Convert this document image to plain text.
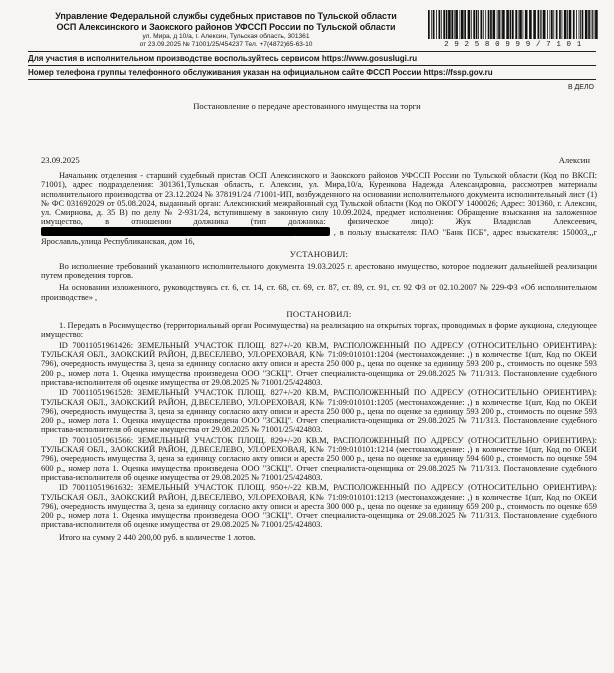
Управление Федеральной службы судебных приставов по Тульской области
ОСП Алексинского и Заокского районов УФССП России по Тульской области
ул. Мира, д 10/а, г. Алексин, Тульская область, 301361
от 23.09.2025 № 71001/25/454237 Тел. +7(4872)65-63-10	2 9 2 5 8 0 9 9 9 / 7 1 0 1
Для участия в исполнительном производстве воспользуйтесь сервисом https://www.gosuslugi.ru
Номер телефона группы телефонного обслуживания указан на официальном сайте ФССП России https://fssp.gov.ru
В ДЕЛО
Постановление о передаче арестованного имущества на торги
23.09.2025	Алексин

Начальник отделения - старший судебный пристав ОСП Алексинского и Заокского районов УФССП России по Тульской области (Код по ВКСП: 71001), адрес подразделения: 301361,Тульская область, г. Алексин, ул. Мира,10/а, Куренкова Надежда Александровна, рассмотрев материалы исполнительного производства от 23.12.2024 № 378191/24 /71001-ИП, возбужденного на основании исполнительного документа исполнительный лист (1) № ФС 031692029 от 05.08.2024, выданный орган: Алексинский межрайонный суд Тульской области (Код по ОКОГУ 1400026; Адрес: 301360, г. Алексин, ул. Смирнова, д. 35 В) по делу № 2-931/24, вступившему в законную силу 10.09.2024, предмет исполнения: Обращение взыскания на заложенное имущество, в отношении должника (тип должника: физическое лицо): Жук Владислав Алексеевич,   , в пользу взыскателя: ПАО "Банк ПСБ", адрес взыскателя: 150003,,,г Ярославль,улица Республиканская, дом 16,

УСТАНОВИЛ:

Во исполнение требований указанного исполнительного документа 19.03.2025 г. арестовано имущество, которое подлежит дальнейшей реализации путем проведения торгов.

На основании изложенного, руководствуясь ст. 6, ст. 14, ст. 68, ст. 69, ст. 87, ст. 89, ст. 91, ст. 92 ФЗ от 02.10.2007 № 229-ФЗ «Об исполнительном производстве» ,

ПОСТАНОВИЛ:

1. Передать в Росимущество (территориальный орган Росимущества) на реализацию на открытых торгах, проводимых в форме аукциона, следующее имущество:

ID 70011051961426: ЗЕМЕЛЬНЫЙ УЧАСТОК ПЛОЩ. 827+/-20 КВ.М, РАСПОЛОЖЕННЫЙ ПО АДРЕСУ (ОТНОСИТЕЛЬНО ОРИЕНТИРА): ТУЛЬСКАЯ ОБЛ., ЗАОКСКИЙ РАЙОН, Д.ВЕСЕЛЕВО, УЛ.ОРЕХОВАЯ, К№ 71:09:010101:1204 (местонахождение: ,) в количестве 1(шт, Код по ОКЕИ 796), очередность имущества 3, цена за единицу согласно акту описи и ареста 250 000 р., цена по оценке за единицу 593 200 р., стоимость по оценке 593 200 р., номер лота 1. Оценка имущества произведена ООО "ЗСКЦ". Отчет специалиста-оценщика от 29.08.2025 № 711/313. Постановление судебного пристава-исполнителя об оценке имущества от 29.08.2025 № 71001/25/424803.

ID 70011051961528: ЗЕМЕЛЬНЫЙ УЧАСТОК ПЛОЩ. 827+/-20 КВ.М, РАСПОЛОЖЕННЫЙ ПО АДРЕСУ (ОТНОСИТЕЛЬНО ОРИЕНТИРА): ТУЛЬСКАЯ ОБЛ., ЗАОКСКИЙ РАЙОН, Д.ВЕСЕЛЕВО, УЛ.ОРЕХОВАЯ, К№ 71:09:010101:1205 (местонахождение: ,) в количестве 1(шт, Код по ОКЕИ 796), очередность имущества 3, цена за единицу согласно акту описи и ареста 250 000 р., цена по оценке за единицу 593 200 р., стоимость по оценке 593 200 р., номер лота 1. Оценка имущества произведена ООО "ЗСКЦ". Отчет специалиста-оценщика от 29.08.2025 № 711/313. Постановление судебного пристава-исполнителя об оценке имущества от 29.08.2025 № 71001/25/424803.

ID 70011051961566: ЗЕМЕЛЬНЫЙ УЧАСТОК ПЛОЩ. 829+/-20 КВ.М, РАСПОЛОЖЕННЫЙ ПО АДРЕСУ (ОТНОСИТЕЛЬНО ОРИЕНТИРА): ТУЛЬСКАЯ ОБЛ., ЗАОКСКИЙ РАЙОН, Д.ВЕСЕЛЕВО, УЛ.ОРЕХОВАЯ, К№ 71:09:010101:1214 (местонахождение: ,) в количестве 1(шт, Код по ОКЕИ 796), очередность имущества 3, цена за единицу согласно акту описи и ареста 250 000 р., цена по оценке за единицу 594 600 р., стоимость по оценке 594 600 р., номер лота 1. Оценка имущества произведена ООО "ЗСКЦ". Отчет специалиста-оценщика от 29.08.2025 № 711/313. Постановление судебного пристава-исполнителя об оценке имущества от 29.08.2025 № 71001/25/424803.

ID 70011051961632: ЗЕМЕЛЬНЫЙ УЧАСТОК ПЛОЩ. 950+/-22 КВ.М, РАСПОЛОЖЕННЫЙ ПО АДРЕСУ (ОТНОСИТЕЛЬНО ОРИЕНТИРА): ТУЛЬСКАЯ ОБЛ., ЗАОКСКИЙ РАЙОН, Д.ВЕСЕЛЕВО, УЛ.ОРЕХОВАЯ, К№ 71:09:010101:1213 (местонахождение: ,) в количестве 1(шт, Код по ОКЕИ 796), очередность имущества 3, цена за единицу согласно акту описи и ареста 300 000 р., цена по оценке за единицу 659 200 р., стоимость по оценке 659 200 р., номер лота 1. Оценка имущества произведена ООО "ЗСКЦ". Отчет специалиста-оценщика от 29.08.2025 № 711/313. Постановление судебного пристава-исполнителя об оценке имущества от 29.08.2025 № 71001/25/424803.

Итого на сумму 2 440 200,00 руб. в количестве 1 лотов.
